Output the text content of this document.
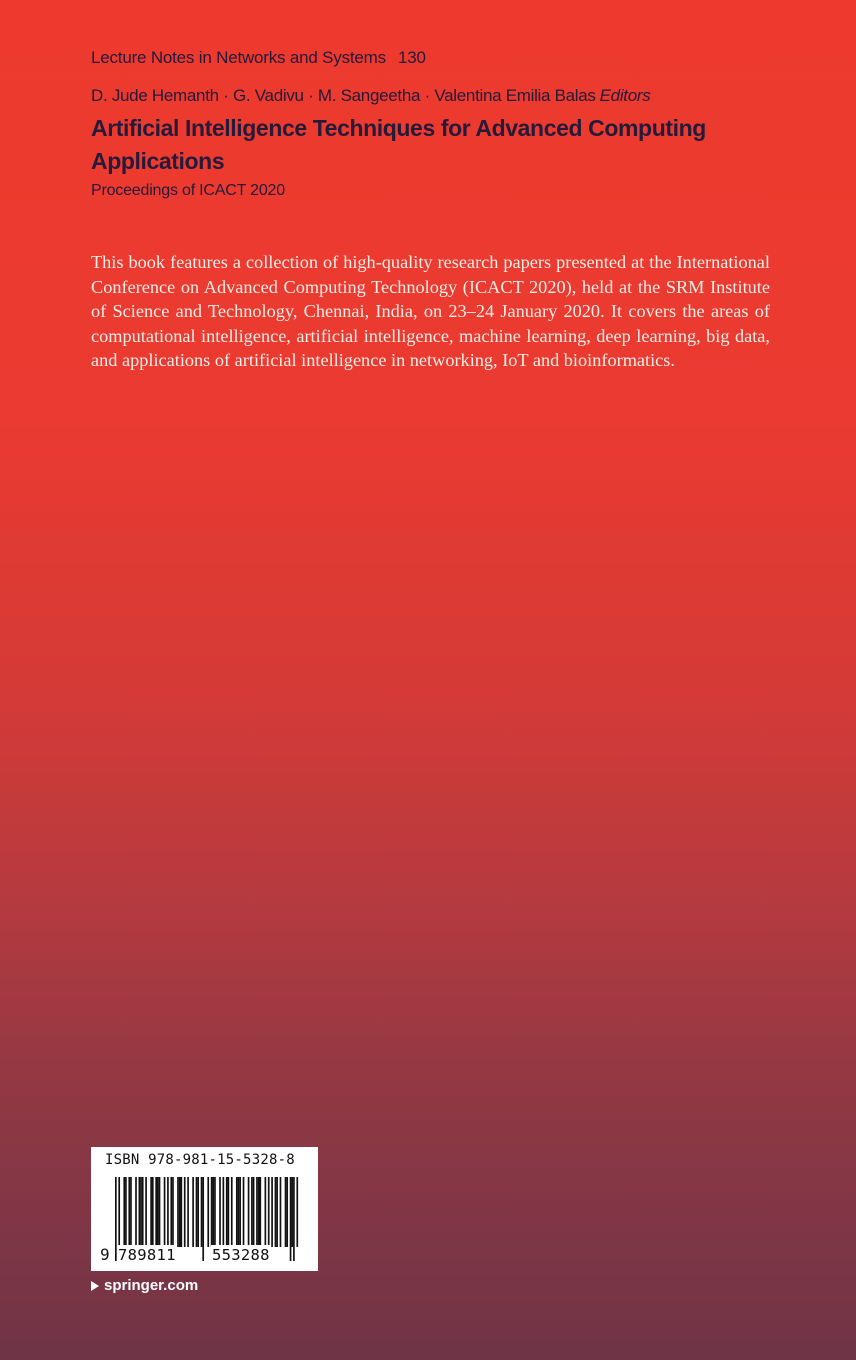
Lecture Notes in Networks and Systems 130
D. Jude Hemanth · G. Vadivu · M. Sangeetha · Valentina Emilia Balas Editors
Artificial Intelligence Techniques for Advanced Computing Applications
Proceedings of ICACT 2020

This book features a collection of high-quality research papers presented at the International Conference on Advanced Computing Technology (ICACT 2020), held at the SRM Institute of Science and Technology, Chennai, India, on 23–24 January 2020. It covers the areas of computational intelligence, artificial intelligence, machine learning, deep learning, big data, and applications of artificial intelligence in networking, IoT and bioinformatics.

ISBN 978-981-15-5328-8
9 789811 553288
springer.com
